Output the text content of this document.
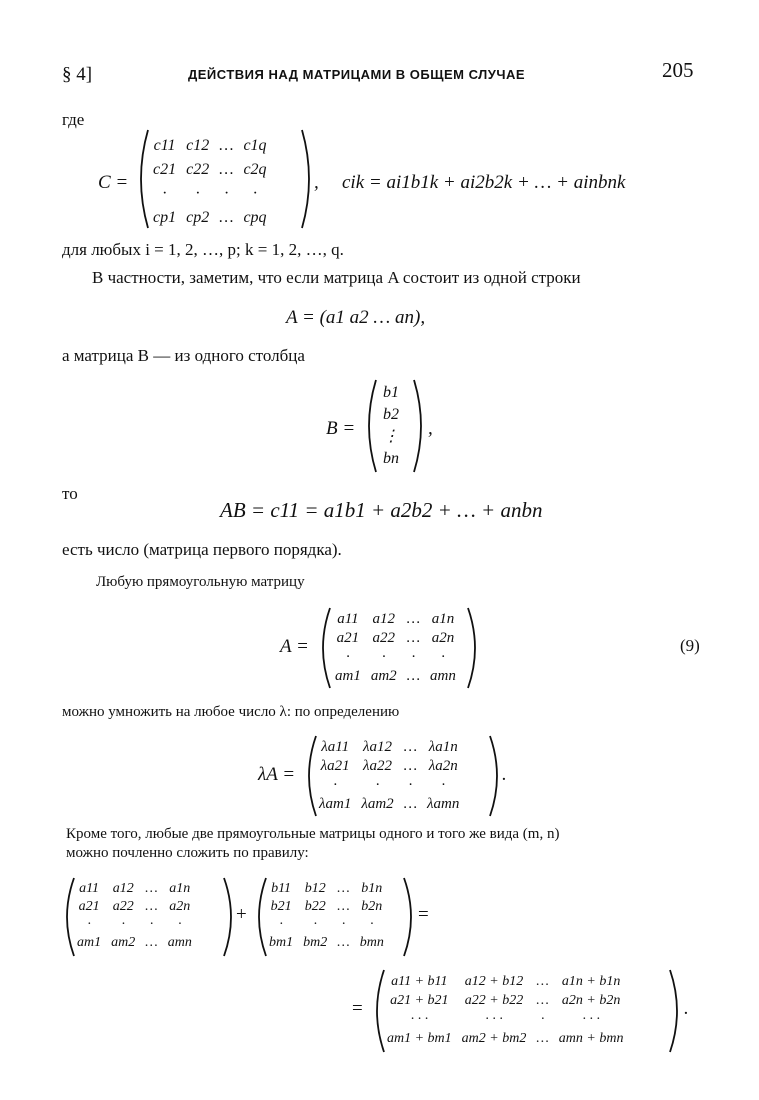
§ 4]	ДЕЙСТВИЯ НАД МАТРИЦАМИ В ОБЩЕМ СЛУЧАЕ	205
где
C =
c11	c12	…	c1q
c21	c22	…	c2q
·	·	·	·
cp1	cp2	…	cpq
, cik = ai1b1k + ai2b2k + … + ainbnk
для любых i = 1, 2, …, p; k = 1, 2, …, q.
В частности, заметим, что если матрица A состоит из одной строки
A = (a1 a2 … an),
а матрица B — из одного столбца
B =
b1
b2
⋮
bn
,
то
AB = c11 = a1b1 + a2b2 + … + anbn
есть число (матрица первого порядка).
Любую прямоугольную матрицу
A =
a11	a12	…	a1n
a21	a22	…	a2n
·	·	·	·
am1	am2	…	amn
(9)
можно умножить на любое число λ: по определению
λA =
λa11	λa12	…	λa1n
λa21	λa22	…	λa2n
·	·	·	·
λam1	λam2	…	λamn
.
Кроме того, любые две прямоугольные матрицы одного и того же вида (m, n)
можно почленно сложить по правилу:
a11	a12	…	a1n
a21	a22	…	a2n
·	·	·	·
am1	am2	…	amn
+
b11	b12	…	b1n
b21	b22	…	b2n
·	·	·	·
bm1	bm2	…	bmn
=
=
a11 + b11	a12 + b12	…	a1n + b1n
a21 + b21	a22 + b22	…	a2n + b2n
· · ·	· · ·	·	· · ·
am1 + bm1	am2 + bm2	…	amn + bmn
.
